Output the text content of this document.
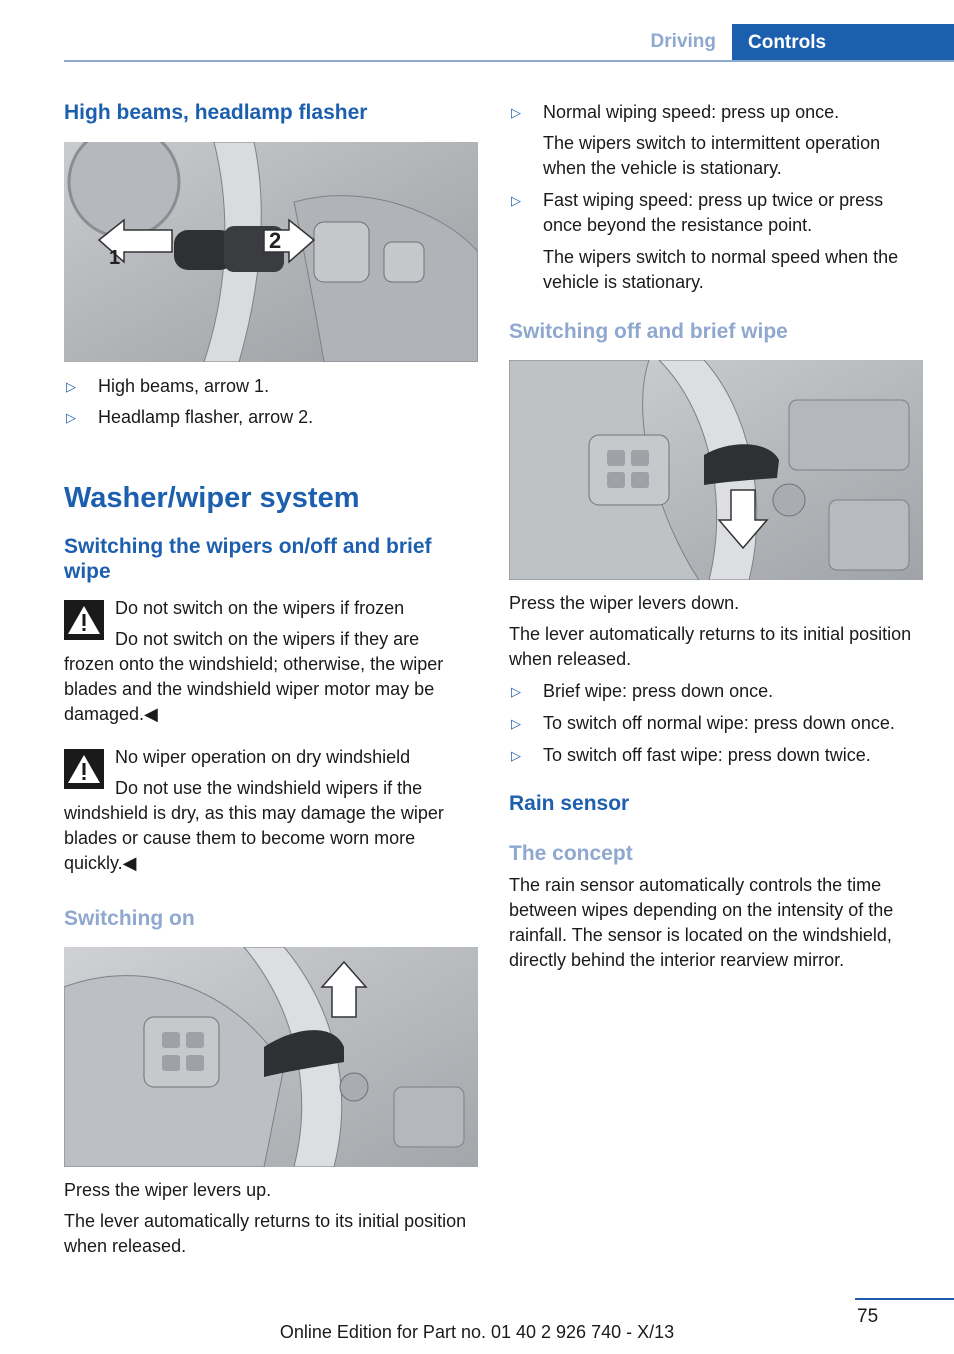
Driving	Controls
High beams, headlamp flasher
1
2
▷ High beams, arrow 1.
▷ Headlamp flasher, arrow 2.
Washer/wiper system
Switching the wipers on/off and brief wipe
Do not switch on the wipers if frozen
Do not switch on the wipers if they are

frozen onto the windshield; otherwise, the wiper blades and the windshield wiper motor may be damaged.◀

No wiper operation on dry windshield
Do not use the windshield wipers if the

windshield is dry, as this may damage the wiper blades or cause them to become worn more quickly.◀

Switching on

Press the wiper levers up.

The lever automatically returns to its initial position when released.

▷ Normal wiping speed: press up once.
The wipers switch to intermittent operation when the vehicle is stationary.
▷ Fast wiping speed: press up twice or press once beyond the resistance point.
The wipers switch to normal speed when the vehicle is stationary.
Switching off and brief wipe

Press the wiper levers down.

The lever automatically returns to its initial position when released.

▷ Brief wipe: press down once.
▷ To switch off normal wipe: press down once.
▷ To switch off fast wipe: press down twice.
Rain sensor
The concept

The rain sensor automatically controls the time between wipes depending on the intensity of the rainfall. The sensor is located on the windshield, directly behind the interior rearview mirror.

75
Online Edition for Part no. 01 40 2 926 740 - X/13
